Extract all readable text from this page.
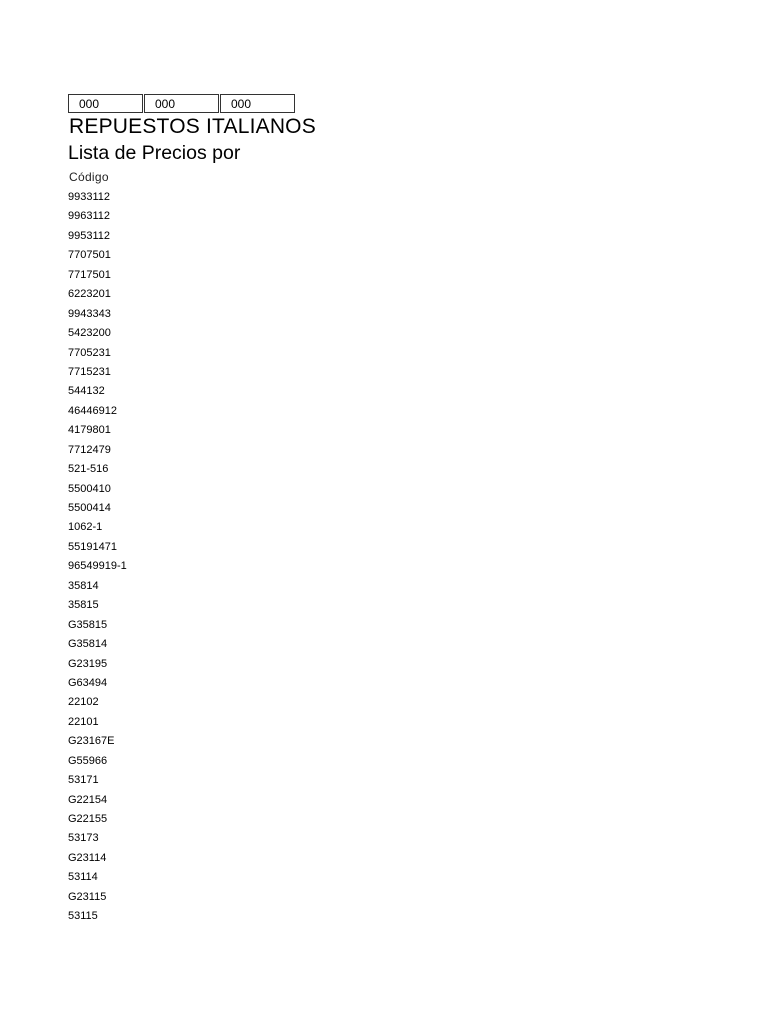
000	000	000
REPUESTOS ITALIANOS
Lista de Precios por
Código
9933112
9963112
9953112
7707501
7717501
6223201
9943343
5423200
7705231
7715231
544132
46446912
4179801
7712479
521-516
5500410
5500414
1062-1
55191471
96549919-1
35814
35815
G35815
G35814
G23195
G63494
22102
22101
G23167E
G55966
53171
G22154
G22155
53173
G23114
53114
G23115
53115
